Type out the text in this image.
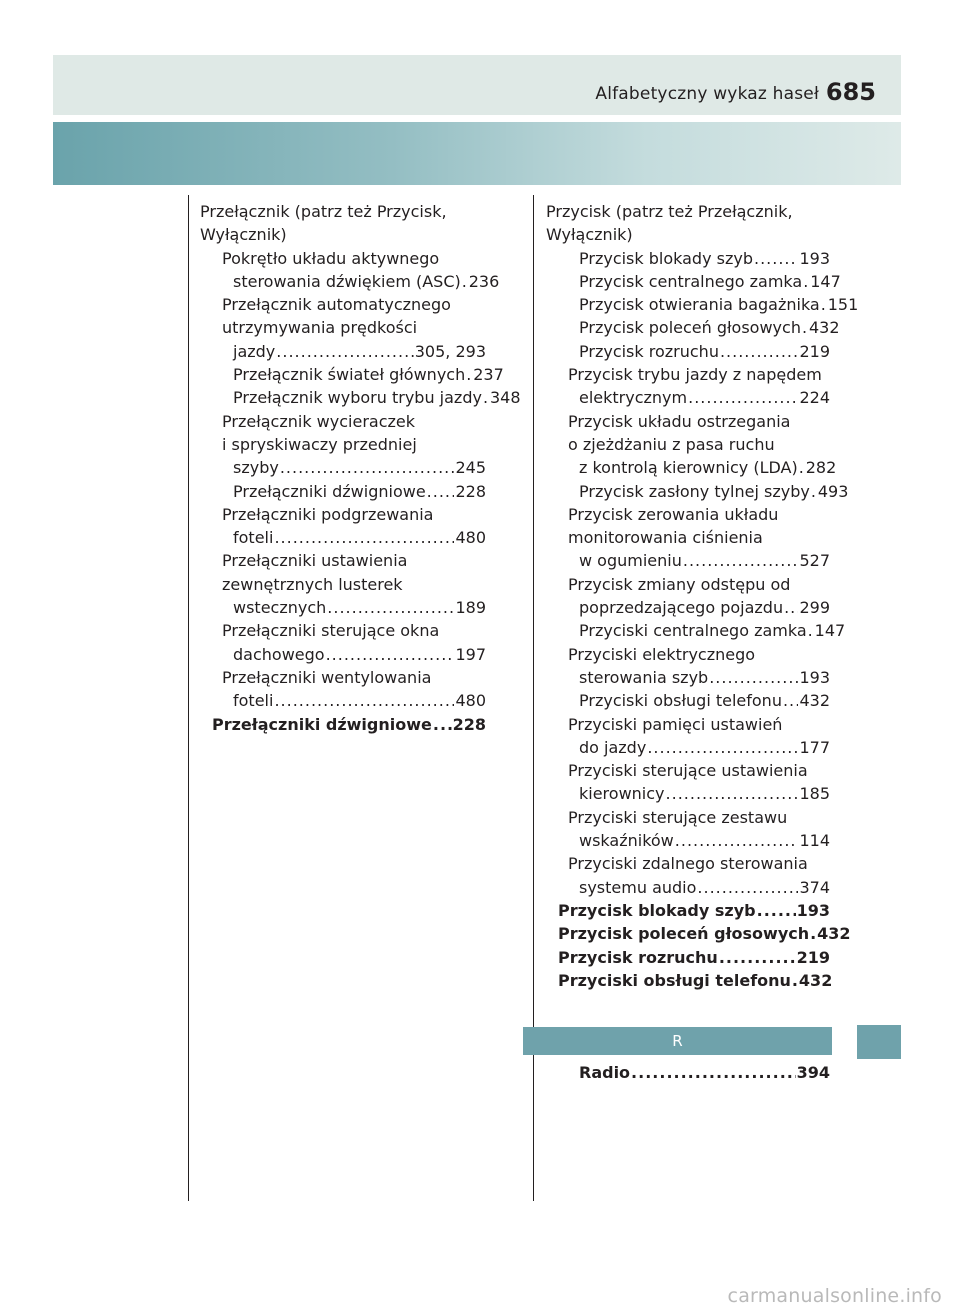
Alfabetyczny wykaz haseł 685
Przełącznik (patrz też Przycisk,
Wyłącznik)
Pokrętło układu aktywnego
sterowania dźwiękiem (ASC) ..... 236
Przełącznik automatycznego
utrzymywania prędkości
jazdy .....	305, 293
Przełącznik świateł głównych ..... 237
Przełącznik wyboru trybu jazdy ..... 348
Przełącznik wycieraczek
i spryskiwaczy przedniej
szyby .....	245
Przełączniki dźwigniowe ..... 228
Przełączniki podgrzewania
foteli .....	480
Przełączniki ustawienia
zewnętrznych lusterek
wstecznych .....	189
Przełączniki sterujące okna
dachowego .....	197
Przełączniki wentylowania
foteli .....	480
Przełączniki dźwigniowe ..... 228
Przycisk (patrz też Przełącznik,
Wyłącznik)
Przycisk blokady szyb .....	193
Przycisk centralnego zamka ..... 147
Przycisk otwierania bagażnika ..... 151
Przycisk poleceń głosowych ..... 432
Przycisk rozruchu .....	219
Przycisk trybu jazdy z napędem
elektrycznym .....	224
Przycisk układu ostrzegania
o zjeżdżaniu z pasa ruchu
z kontrolą kierownicy (LDA) ..... 282
Przycisk zasłony tylnej szyby ..... 493
Przycisk zerowania układu
monitorowania ciśnienia
w ogumieniu .....	527
Przycisk zmiany odstępu od
poprzedzającego pojazdu ..... 299
Przyciski centralnego zamka ..... 147
Przyciski elektrycznego
sterowania szyb .....	193
Przyciski obsługi telefonu ..... 432
Przyciski pamięci ustawień
do jazdy .....	177
Przyciski sterujące ustawienia
kierownicy .....	185
Przyciski sterujące zestawu
wskaźników .....	114
Przyciski zdalnego sterowania
systemu audio .....	374
Przycisk blokady szyb .....	193
Przycisk poleceń głosowych ..... 432
Przycisk rozruchu .....	219
Przyciski obsługi telefonu ..... 432
R
Radio .....	394
carmanualsonline.info
